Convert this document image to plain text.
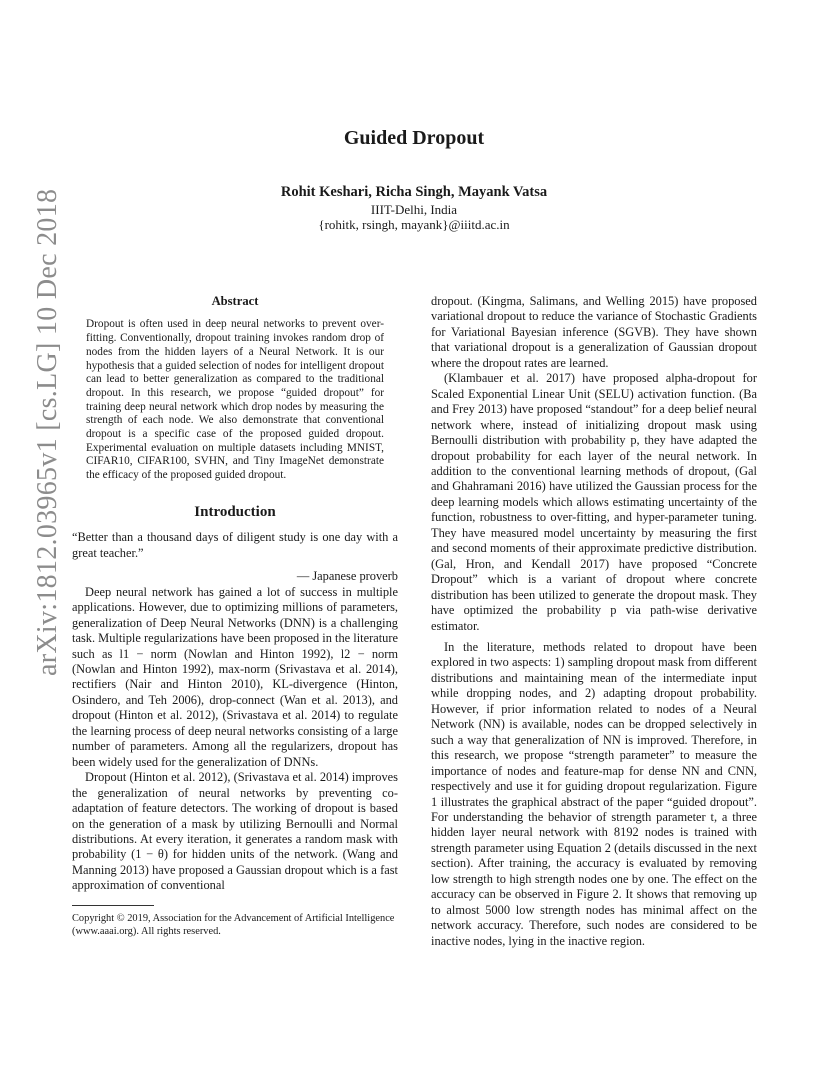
arXiv:1812.03965v1 [cs.LG] 10 Dec 2018
Guided Dropout
Rohit Keshari, Richa Singh, Mayank Vatsa
IIIT-Delhi, India
{rohitk, rsingh, mayank}@iiitd.ac.in
Abstract
Dropout is often used in deep neural networks to prevent over-fitting. Conventionally, dropout training invokes random drop of nodes from the hidden layers of a Neural Network. It is our hypothesis that a guided selection of nodes for intelligent dropout can lead to better generalization as compared to the traditional dropout. In this research, we propose “guided dropout” for training deep neural network which drop nodes by measuring the strength of each node. We also demonstrate that conventional dropout is a specific case of the proposed guided dropout. Experimental evaluation on multiple datasets including MNIST, CIFAR10, CIFAR100, SVHN, and Tiny ImageNet demonstrate the efficacy of the proposed guided dropout.
Introduction

“Better than a thousand days of diligent study is one day with a great teacher.”

— Japanese proverb

Deep neural network has gained a lot of success in multiple applications. However, due to optimizing millions of parameters, generalization of Deep Neural Networks (DNN) is a challenging task. Multiple regularizations have been proposed in the literature such as l1 − norm (Nowlan and Hinton 1992), l2 − norm (Nowlan and Hinton 1992), max-norm (Srivastava et al. 2014), rectifiers (Nair and Hinton 2010), KL-divergence (Hinton, Osindero, and Teh 2006), drop-connect (Wan et al. 2013), and dropout (Hinton et al. 2012), (Srivastava et al. 2014) to regulate the learning process of deep neural networks consisting of a large number of parameters. Among all the regularizers, dropout has been widely used for the generalization of DNNs.

Dropout (Hinton et al. 2012), (Srivastava et al. 2014) improves the generalization of neural networks by preventing co-adaptation of feature detectors. The working of dropout is based on the generation of a mask by utilizing Bernoulli and Normal distributions. At every iteration, it generates a random mask with probability (1 − θ) for hidden units of the network. (Wang and Manning 2013) have proposed a Gaussian dropout which is a fast approximation of conventional

Copyright © 2019, Association for the Advancement of Artificial Intelligence (www.aaai.org). All rights reserved.

dropout. (Kingma, Salimans, and Welling 2015) have proposed variational dropout to reduce the variance of Stochastic Gradients for Variational Bayesian inference (SGVB). They have shown that variational dropout is a generalization of Gaussian dropout where the dropout rates are learned.

(Klambauer et al. 2017) have proposed alpha-dropout for Scaled Exponential Linear Unit (SELU) activation function. (Ba and Frey 2013) have proposed “standout” for a deep belief neural network where, instead of initializing dropout mask using Bernoulli distribution with probability p, they have adapted the dropout probability for each layer of the neural network. In addition to the conventional learning methods of dropout, (Gal and Ghahramani 2016) have utilized the Gaussian process for the deep learning models which allows estimating uncertainty of the function, robustness to over-fitting, and hyper-parameter tuning. They have measured model uncertainty by measuring the first and second moments of their approximate predictive distribution. (Gal, Hron, and Kendall 2017) have proposed “Concrete Dropout” which is a variant of dropout where concrete distribution has been utilized to generate the dropout mask. They have optimized the probability p via path-wise derivative estimator.

In the literature, methods related to dropout have been explored in two aspects: 1) sampling dropout mask from different distributions and maintaining mean of the intermediate input while dropping nodes, and 2) adapting dropout probability. However, if prior information related to nodes of a Neural Network (NN) is available, nodes can be dropped selectively in such a way that generalization of NN is improved. Therefore, in this research, we propose “strength parameter” to measure the importance of nodes and feature-map for dense NN and CNN, respectively and use it for guiding dropout regularization. Figure 1 illustrates the graphical abstract of the paper “guided dropout”. For understanding the behavior of strength parameter t, a three hidden layer neural network with 8192 nodes is trained with strength parameter using Equation 2 (details discussed in the next section). After training, the accuracy is evaluated by removing low strength to high strength nodes one by one. The effect on the accuracy can be observed in Figure 2. It shows that removing up to almost 5000 low strength nodes has minimal affect on the network accuracy. Therefore, such nodes are considered to be inactive nodes, lying in the inactive region.
